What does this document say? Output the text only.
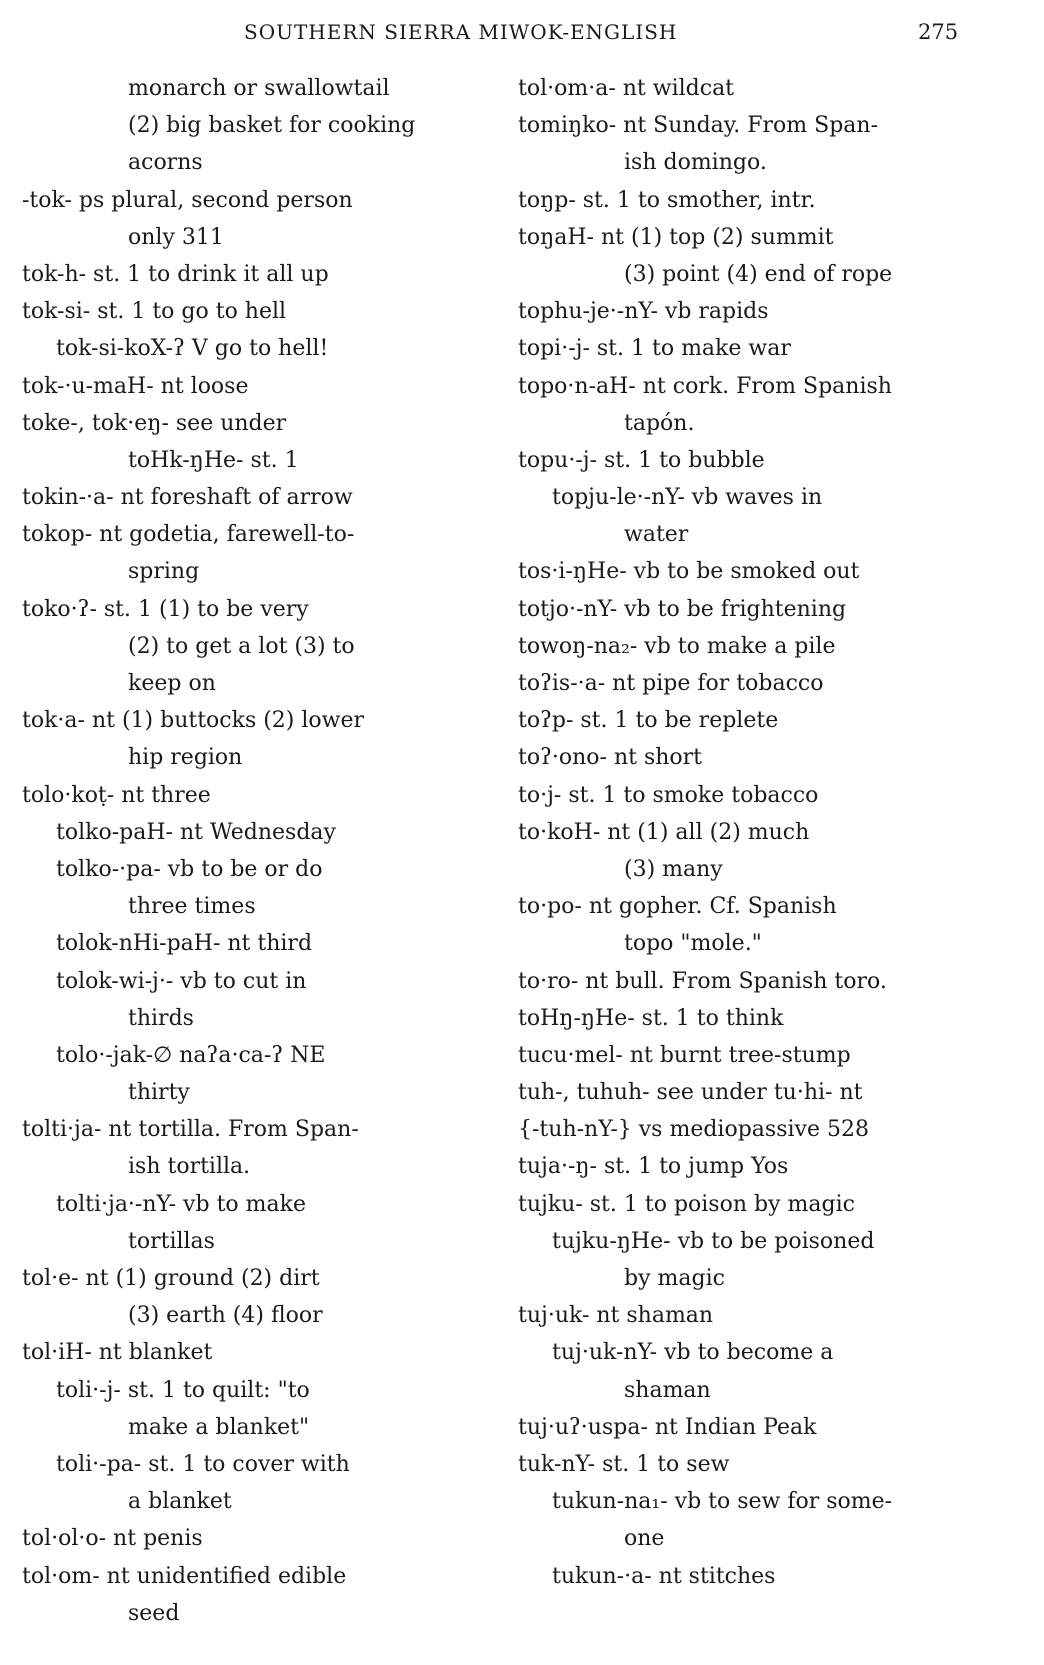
SOUTHERN SIERRA MIWOK-ENGLISH	275
monarch or swallowtail
(2) big basket for cooking
acorns
-tok- ps plural, second person
only 311
tok-h- st. 1 to drink it all up
tok-si- st. 1 to go to hell
tok-si-koX-ʔ V go to hell!
tok-·u-maH- nt loose
toke-, tok·eŋ- see under
toHk-ŋHe- st. 1
tokin-·a- nt foreshaft of arrow
tokop- nt godetia, farewell-to-
spring
toko·ʔ- st. 1 (1) to be very
(2) to get a lot (3) to
keep on
tok·a- nt (1) buttocks (2) lower
hip region
tolo·koṭ- nt three
tolko-paH- nt Wednesday
tolko-·pa- vb to be or do
three times
tolok-nHi-paH- nt third
tolok-wi-j·- vb to cut in
thirds
tolo·-jak-∅ naʔa·ca-ʔ NE
thirty
tolti·ja- nt tortilla. From Span-
ish tortilla.
tolti·ja·-nY- vb to make
tortillas
tol·e- nt (1) ground (2) dirt
(3) earth (4) floor
tol·iH- nt blanket
toli·-j- st. 1 to quilt: "to
make a blanket"
toli·-pa- st. 1 to cover with
a blanket
tol·ol·o- nt penis
tol·om- nt unidentified edible
seed
tol·om·a- nt wildcat
tomiŋko- nt Sunday. From Span-
ish domingo.
toŋp- st. 1 to smother, intr.
toŋaH- nt (1) top (2) summit
(3) point (4) end of rope
tophu-je·-nY- vb rapids
topi·-j- st. 1 to make war
topo·n-aH- nt cork. From Spanish
tapón.
topu·-j- st. 1 to bubble
topju-le·-nY- vb waves in
water
tos·i-ŋHe- vb to be smoked out
totjo·-nY- vb to be frightening
towoŋ-na₂- vb to make a pile
toʔis-·a- nt pipe for tobacco
toʔp- st. 1 to be replete
toʔ·ono- nt short
to·j- st. 1 to smoke tobacco
to·koH- nt (1) all (2) much
(3) many
to·po- nt gopher. Cf. Spanish
topo "mole."
to·ro- nt bull. From Spanish toro.
toHŋ-ŋHe- st. 1 to think
tucu·mel- nt burnt tree-stump
tuh-, tuhuh- see under tu·hi- nt
{-tuh-nY-} vs mediopassive 528
tuja·-ŋ- st. 1 to jump Yos
tujku- st. 1 to poison by magic
tujku-ŋHe- vb to be poisoned
by magic
tuj·uk- nt shaman
tuj·uk-nY- vb to become a
shaman
tuj·uʔ·uspa- nt Indian Peak
tuk-nY- st. 1 to sew
tukun-na₁- vb to sew for some-
one
tukun-·a- nt stitches
